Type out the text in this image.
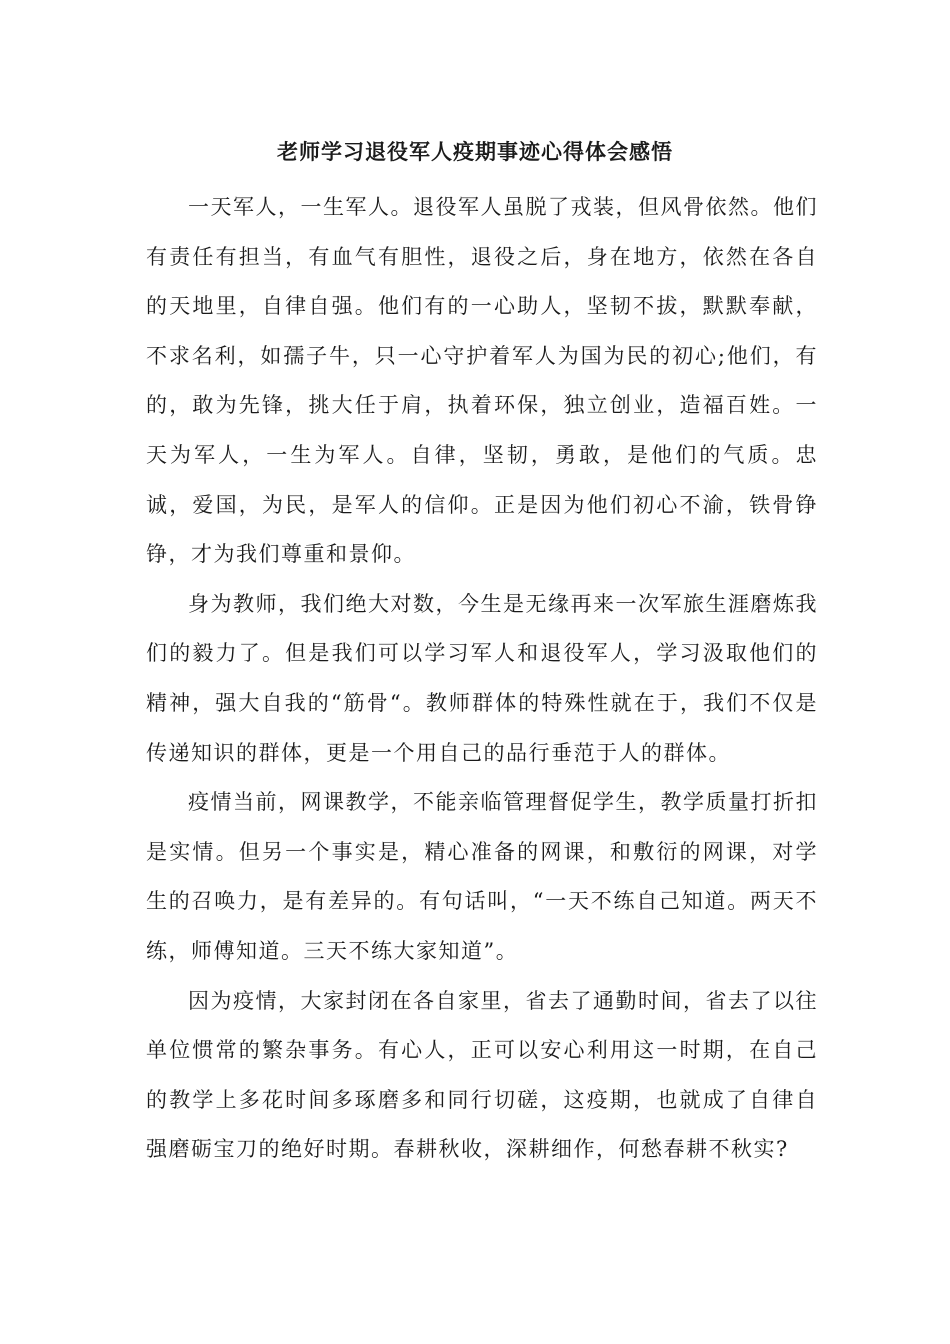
老师学习退役军人疫期事迹心得体会感悟

一天军人，一生军人。退役军人虽脱了戎装，但风骨依然。他们有责任有担当，有血气有胆性，退役之后，身在地方，依然在各自的天地里，自律自强。他们有的一心助人，坚韧不拔，默默奉献，不求名利，如孺子牛，只一心守护着军人为国为民的初心;他们，有的，敢为先锋，挑大任于肩，执着环保，独立创业，造福百姓。一天为军人，一生为军人。自律，坚韧，勇敢，是他们的气质。忠诚，爱国，为民，是军人的信仰。正是因为他们初心不渝，铁骨铮铮，才为我们尊重和景仰。

身为教师，我们绝大对数，今生是无缘再来一次军旅生涯磨炼我们的毅力了。但是我们可以学习军人和退役军人，学习汲取他们的精神，强大自我的“筋骨“。教师群体的特殊性就在于，我们不仅是传递知识的群体，更是一个用自己的品行垂范于人的群体。

疫情当前，网课教学，不能亲临管理督促学生，教学质量打折扣是实情。但另一个事实是，精心准备的网课，和敷衍的网课，对学生的召唤力，是有差异的。有句话叫，“一天不练自己知道。两天不练，师傅知道。三天不练大家知道”。

因为疫情，大家封闭在各自家里，省去了通勤时间，省去了以往单位惯常的繁杂事务。有心人，正可以安心利用这一时期，在自己的教学上多花时间多琢磨多和同行切磋，这疫期，也就成了自律自强磨砺宝刀的绝好时期。春耕秋收，深耕细作，何愁春耕不秋实?
